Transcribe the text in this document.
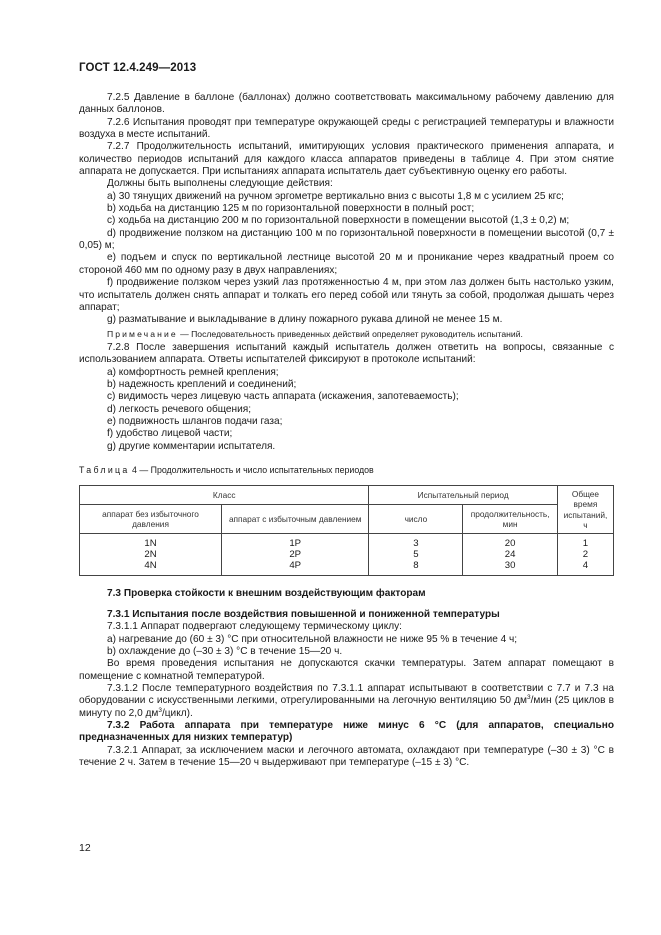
ГОСТ 12.4.249—2013

7.2.5 Давление в баллоне (баллонах) должно соответствовать максимальному рабочему давлению для данных баллонов.

7.2.6 Испытания проводят при температуре окружающей среды с регистрацией температуры и влажности воздуха в месте испытаний.

7.2.7 Продолжительность испытаний, имитирующих условия практического применения аппарата, и количество периодов испытаний для каждого класса аппаратов приведены в таблице 4. При этом снятие аппарата не допускается. При испытаниях аппарата испытатель дает субъективную оценку его работы.

Должны быть выполнены следующие действия:

а) 30 тянущих движений на ручном эргометре вертикально вниз с высоты 1,8 м с усилием 25 кгс;

b) ходьба на дистанцию 125 м по горизонтальной поверхности в полный рост;

c) ходьба на дистанцию 200 м по горизонтальной поверхности в помещении высотой (1,3 ± 0,2) м;

d) продвижение ползком на дистанцию 100 м по горизонтальной поверхности в помещении высотой (0,7 ± 0,05) м;

e) подъем и спуск по вертикальной лестнице высотой 20 м и проникание через квадратный проем со стороной 460 мм по одному разу в двух направлениях;

f) продвижение ползком через узкий лаз протяженностью 4 м, при этом лаз должен быть настолько узким, что испытатель должен снять аппарат и толкать его перед собой или тянуть за собой, продолжая дышать через аппарат;

g) разматывание и выкладывание в длину пожарного рукава длиной не менее 15 м.

Примечание — Последовательность приведенных действий определяет руководитель испытаний.

7.2.8 После завершения испытаний каждый испытатель должен ответить на вопросы, связанные с использованием аппарата. Ответы испытателей фиксируют в протоколе испытаний:

а) комфортность ремней крепления;

b) надежность креплений и соединений;

c) видимость через лицевую часть аппарата (искажения, запотеваемость);

d) легкость речевого общения;

e) подвижность шлангов подачи газа;

f) удобство лицевой части;

g) другие комментарии испытателя.

Таблица 4 — Продолжительность и число испытательных периодов

Класс		Испытательный период		Общее время испытаний, ч
аппарат без избыточного давления	аппарат с избыточным давлением	число	продолжительность, мин	
1N	1P	3	20	1
2N	2P	5	24	2
4N	4P	8	30	4

7.3 Проверка стойкости к внешним воздействующим факторам

7.3.1 Испытания после воздействия повышенной и пониженной температуры

7.3.1.1 Аппарат подвергают следующему термическому циклу:

а) нагревание до (60 ± 3) °С при относительной влажности не ниже 95 % в течение 4 ч;

b) охлаждение до (–30 ± 3) °С в течение 15—20 ч.

Во время проведения испытания не допускаются скачки температуры. Затем аппарат помещают в помещение с комнатной температурой.

7.3.1.2 После температурного воздействия по 7.3.1.1 аппарат испытывают в соответствии с 7.7 и 7.3 на оборудовании с искусственными легкими, отрегулированными на легочную вентиляцию 50 $дм^3$/мин (25 циклов в минуту по 2,0 $дм^3/цикл$).

7.3.2 Работа аппарата при температуре ниже минус 6 °С (для аппаратов, специально предназначенных для низких температур)

7.3.2.1 Аппарат, за исключением маски и легочного автомата, охлаждают при температуре (–30 ± 3) °С в течение 2 ч. Затем в течение 15—20 ч выдерживают при температуре (–15 ± 3) °С.

12
